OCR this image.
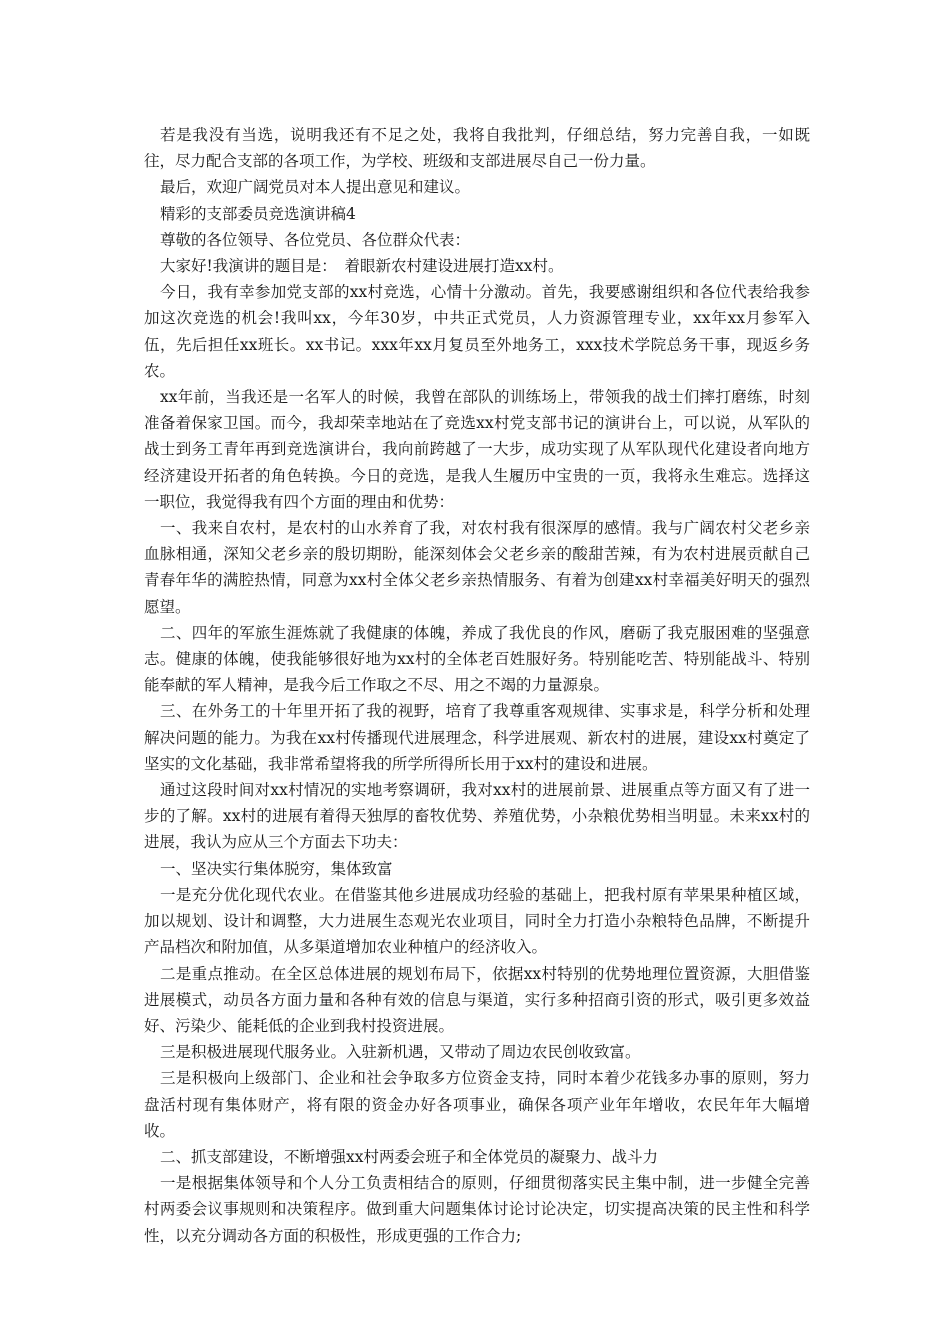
若是我没有当选，说明我还有不足之处，我将自我批判，仔细总结，努力完善自我，一如既往，尽力配合支部的各项工作，为学校、班级和支部进展尽自己一份力量。

最后，欢迎广阔党员对本人提出意见和建议。

精彩的支部委员竞选演讲稿4

尊敬的各位领导、各位党员、各位群众代表：

大家好!我演讲的题目是：　着眼新农村建设进展打造xx村。

今日，我有幸参加党支部的xx村竞选，心情十分激动。首先，我要感谢组织和各位代表给我参加这次竞选的机会!我叫xx，今年30岁，中共正式党员，人力资源管理专业，xx年xx月参军入伍，先后担任xx班长。xx书记。xxx年xx月复员至外地务工，xxx技术学院总务干事，现返乡务农。

xx年前，当我还是一名军人的时候，我曾在部队的训练场上，带领我的战士们摔打磨练，时刻准备着保家卫国。而今，我却荣幸地站在了竞选xx村党支部书记的演讲台上，可以说，从军队的战士到务工青年再到竞选演讲台，我向前跨越了一大步，成功实现了从军队现代化建设者向地方经济建设开拓者的角色转换。今日的竞选，是我人生履历中宝贵的一页，我将永生难忘。选择这一职位，我觉得我有四个方面的理由和优势：

一、我来自农村，是农村的山水养育了我，对农村我有很深厚的感情。我与广阔农村父老乡亲血脉相通，深知父老乡亲的殷切期盼，能深刻体会父老乡亲的酸甜苦辣，有为农村进展贡献自己青春年华的满腔热情，同意为xx村全体父老乡亲热情服务、有着为创建xx村幸福美好明天的强烈愿望。

二、四年的军旅生涯炼就了我健康的体魄，养成了我优良的作风，磨砺了我克服困难的坚强意志。健康的体魄，使我能够很好地为xx村的全体老百姓服好务。特别能吃苦、特别能战斗、特别能奉献的军人精神，是我今后工作取之不尽、用之不竭的力量源泉。

三、在外务工的十年里开拓了我的视野，培育了我尊重客观规律、实事求是，科学分析和处理解决问题的能力。为我在xx村传播现代进展理念，科学进展观、新农村的进展，建设xx村奠定了坚实的文化基础，我非常希望将我的所学所得所长用于xx村的建设和进展。

通过这段时间对xx村情况的实地考察调研，我对xx村的进展前景、进展重点等方面又有了进一步的了解。xx村的进展有着得天独厚的畜牧优势、养殖优势，小杂粮优势相当明显。未来xx村的进展，我认为应从三个方面去下功夫：

一、坚决实行集体脱穷，集体致富

一是充分优化现代农业。在借鉴其他乡进展成功经验的基础上，把我村原有苹果果种植区域，加以规划、设计和调整，大力进展生态观光农业项目，同时全力打造小杂粮特色品牌，不断提升产品档次和附加值，从多渠道增加农业种植户的经济收入。

二是重点推动。在全区总体进展的规划布局下，依据xx村特别的优势地理位置资源，大胆借鉴进展模式，动员各方面力量和各种有效的信息与渠道，实行多种招商引资的形式，吸引更多效益好、污染少、能耗低的企业到我村投资进展。

三是积极进展现代服务业。入驻新机遇，又带动了周边农民创收致富。

三是积极向上级部门、企业和社会争取多方位资金支持，同时本着少花钱多办事的原则，努力盘活村现有集体财产，将有限的资金办好各项事业，确保各项产业年年增收，农民年年大幅增收。

二、抓支部建设，不断增强xx村两委会班子和全体党员的凝聚力、战斗力

一是根据集体领导和个人分工负责相结合的原则，仔细贯彻落实民主集中制，进一步健全完善村两委会议事规则和决策程序。做到重大问题集体讨论讨论决定，切实提高决策的民主性和科学性，以充分调动各方面的积极性，形成更强的工作合力;
